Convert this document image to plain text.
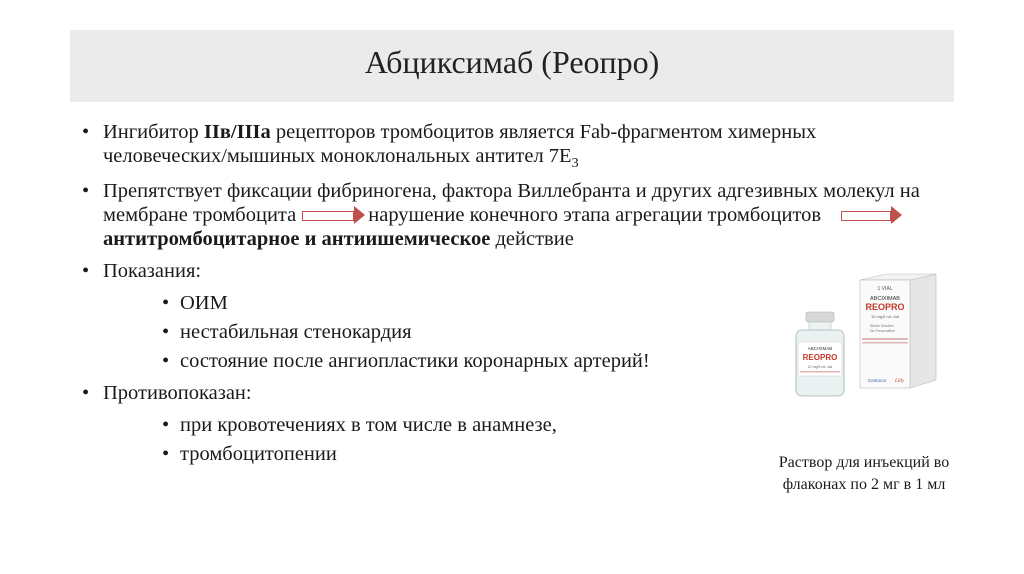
Абциксимаб (Реопро)
• Ингибитор IIв/IIIа рецепторов тромбоцитов является Fab-фрагментом химерных человеческих/мышиных моноклональных антител $7E_3$
• Препятствует фиксации фибриногена, фактора Виллебранта и других адгезивных молекул на мембране тромбоцита	нарушение конечного этапа агрегации тромбоцитовантитромбоцитарное и антиишемическое действие
• Показания:
• ОИМ
• нестабильная стенокардия
• состояние после ангиопластики коронарных артерий!
• Противопоказан:
• при кровотечениях в том числе в анамнезе,
• тромбоцитопении
1 VIAL
ABCIXIMAB
REOPRO
10 mg/5 mL vial
Sterile Solution
No Preservative
Centocor Lilly
ABCIXIMAB
REOPRO
10 mg/5 mL vial
Раствор для инъекций во флаконах по 2 мг в 1 мл
